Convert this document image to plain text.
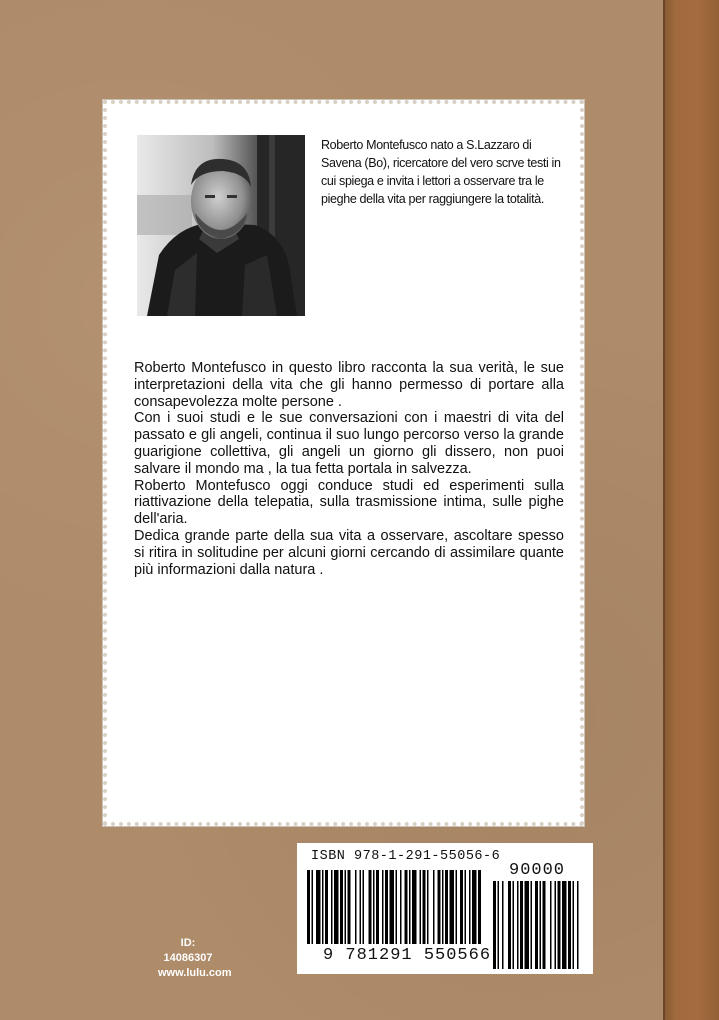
Roberto Montefusco nato a S.Lazzaro di Savena (Bo), ricercatore del vero scrve testi in cui spiega e invita i lettori a osservare tra le pieghe della vita per raggiungere la totalità.

Roberto Montefusco in questo libro racconta la sua verità, le sue interpretazioni della vita che gli hanno permesso di portare alla consapevolezza molte persone .

Con i suoi studi e le sue conversazioni con i maestri di vita del passato e gli angeli, continua il suo lungo percorso verso la grande guarigione collettiva, gli angeli un giorno gli dissero, non puoi salvare il mondo ma , la tua fetta portala in salvezza.

Roberto Montefusco oggi conduce studi ed esperimenti sulla riattivazione della telepatia, sulla trasmissione intima, sulle pighe dell'aria.

Dedica grande parte della sua vita a osservare, ascoltare spesso si ritira in solitudine per alcuni giorni cercando di assimilare quante più informazioni dalla natura .

ISBN 978-1-291-55056-6
90000
9 781291 550566
ID: 14086307
www.lulu.com
